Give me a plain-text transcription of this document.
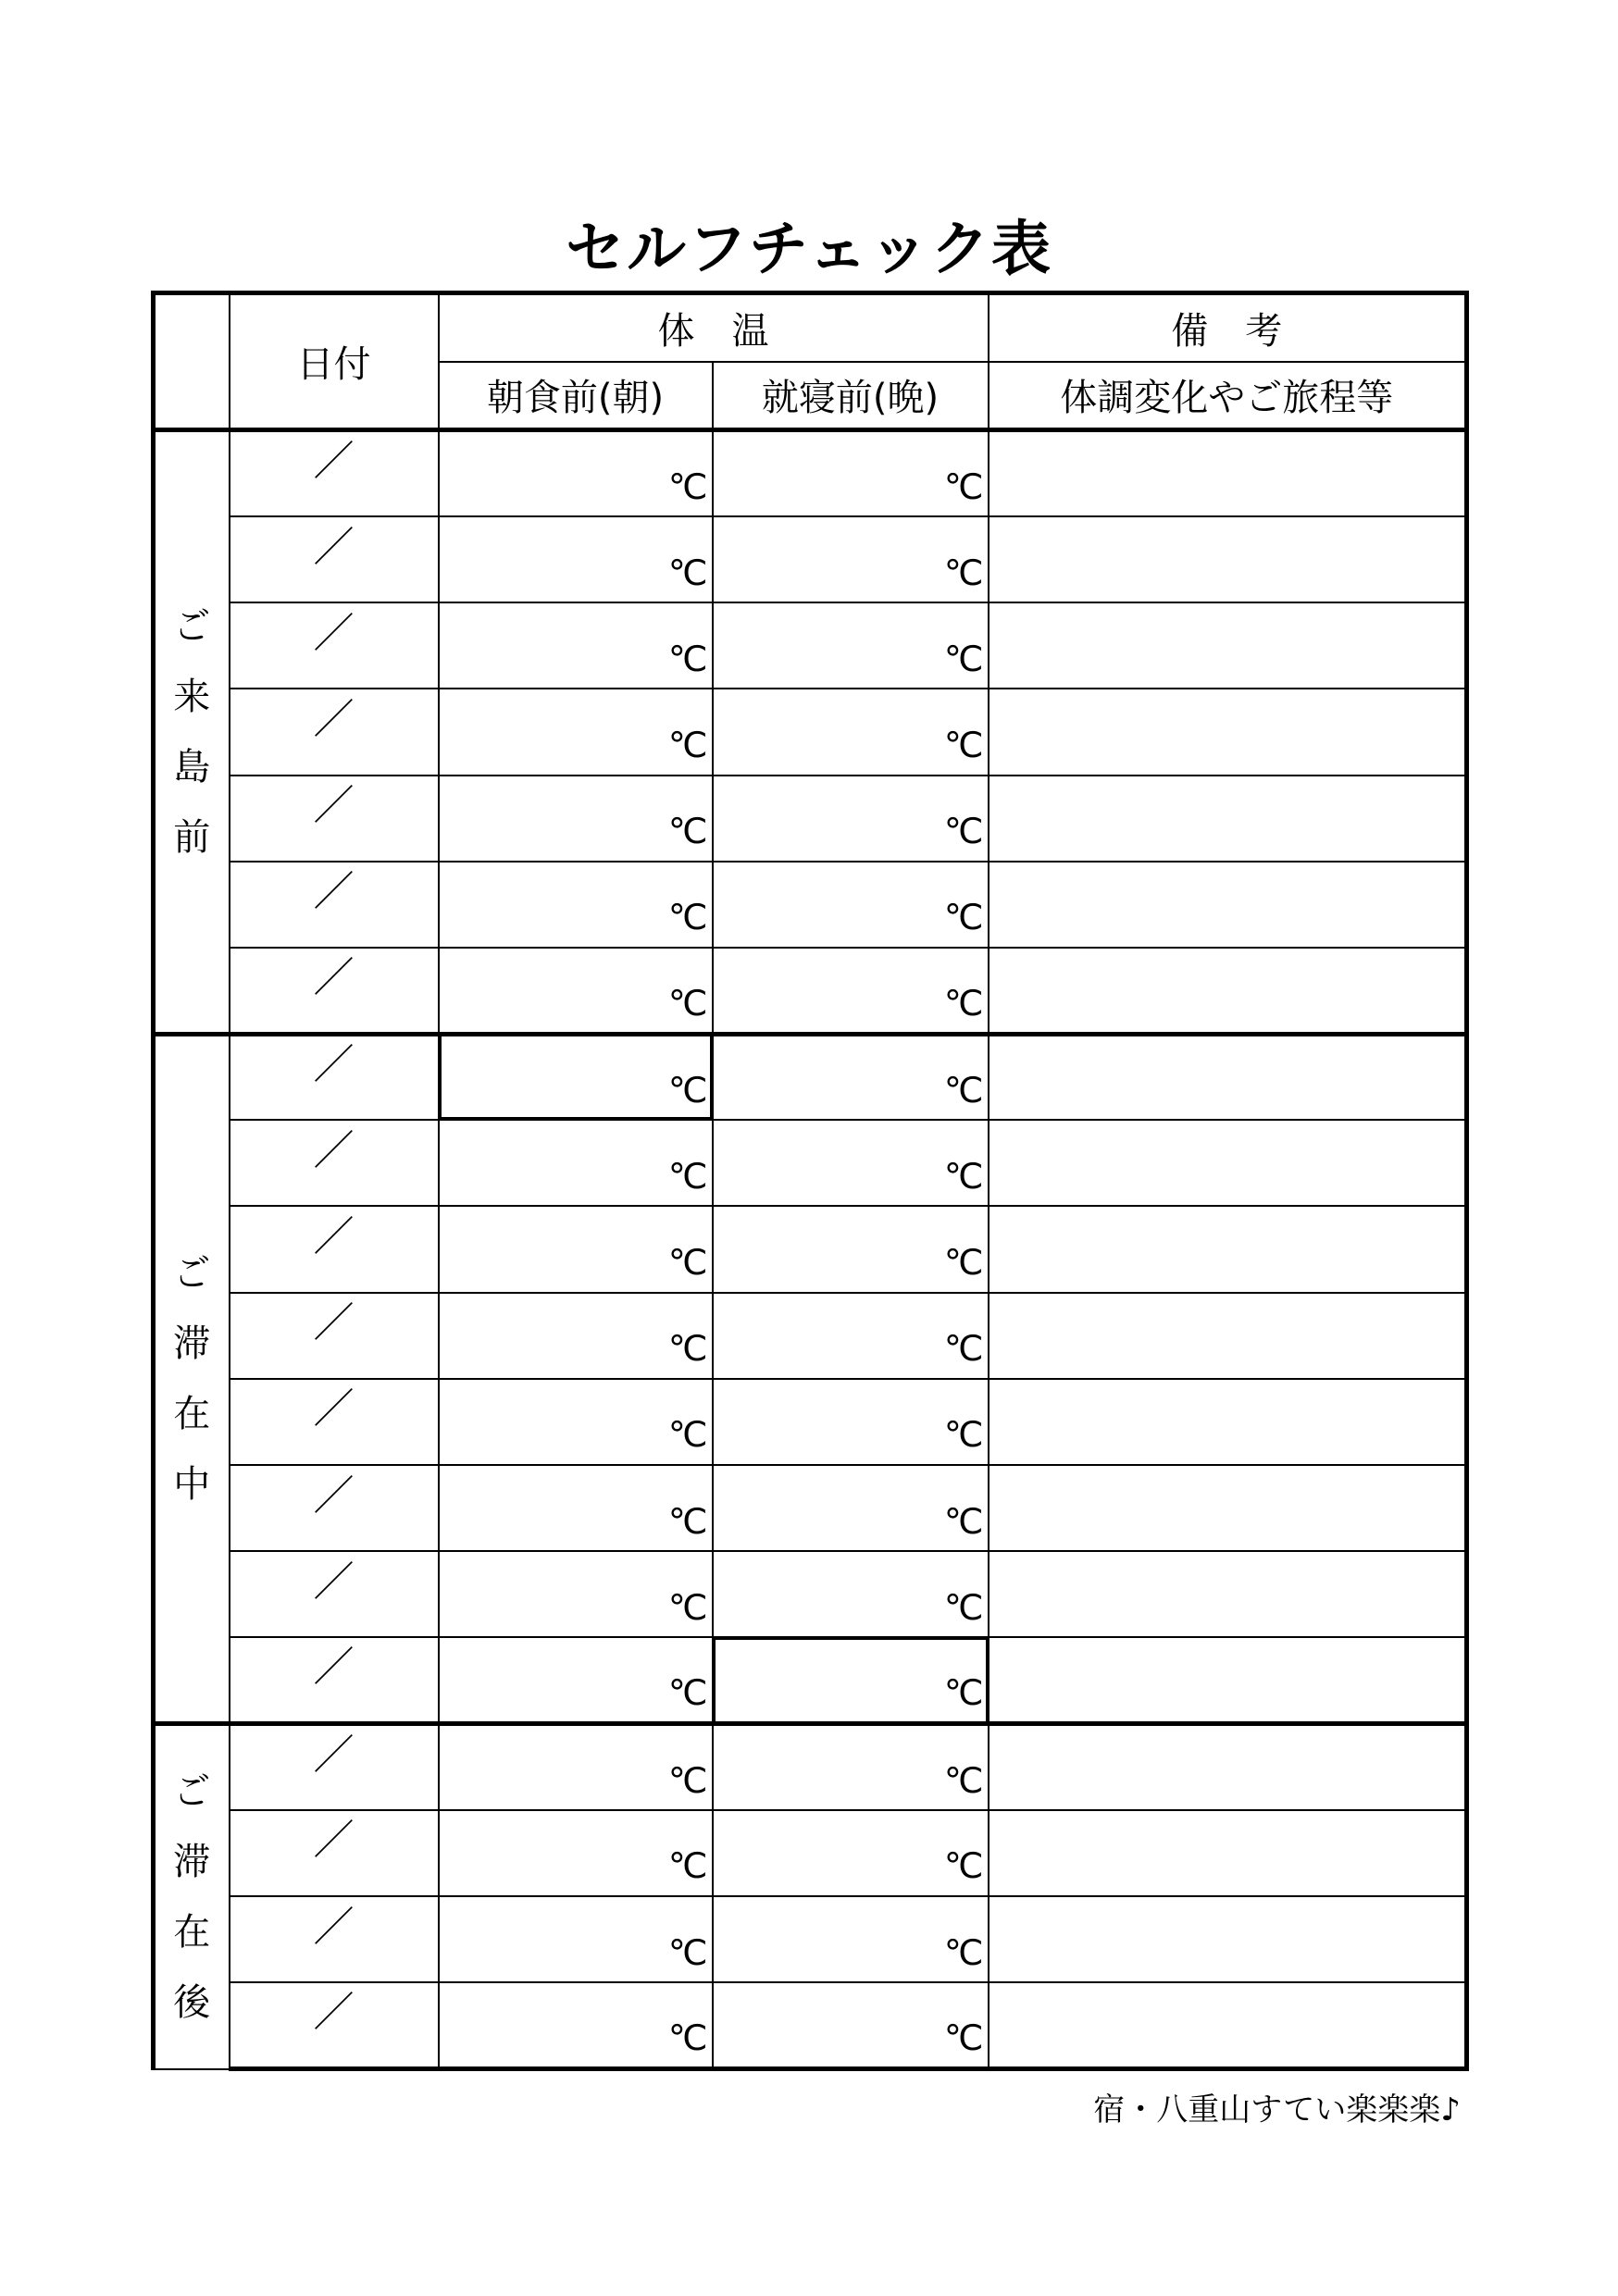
セルフチェック表
	日付	体　温		備　考
		朝食前(朝)	就寝前(晩)	体調変化やご旅程等

ご
来
島
前	／	℃	℃	
	／	℃	℃	
	／	℃	℃	
	／	℃	℃	
	／	℃	℃	
	／	℃	℃	
	／	℃	℃	

ご
滞
在
中	／	℃	℃	
	／	℃	℃	
	／	℃	℃	
	／	℃	℃	
	／	℃	℃	
	／	℃	℃	
	／	℃	℃	
	／	℃	℃	

ご
滞
在
後	／	℃	℃	
	／	℃	℃	
	／	℃	℃	
	／	℃	℃	
宿・八重山すてい楽楽楽♪
